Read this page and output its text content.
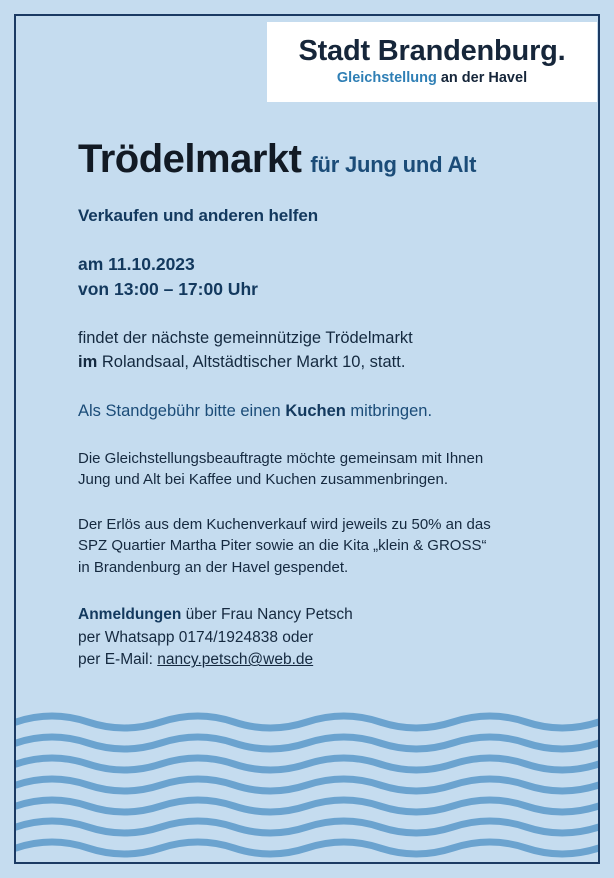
Stadt Brandenburg.
Gleichstellung an der Havel
Trödelmarkt für Jung und Alt

Verkaufen und anderen helfen

am 11.10.2023
von 13:00 – 17:00 Uhr

findet der nächste gemeinnützige Trödelmarkt
im Rolandsaal, Altstädtischer Markt 10, statt.

Als Standgebühr bitte einen Kuchen mitbringen.

Die Gleichstellungsbeauftragte möchte gemeinsam mit Ihnen
Jung und Alt bei Kaffee und Kuchen zusammenbringen.

Der Erlös aus dem Kuchenverkauf wird jeweils zu 50% an das
SPZ Quartier Martha Piter sowie an die Kita „klein & GROSS“
in Brandenburg an der Havel gespendet.

Anmeldungen über Frau Nancy Petsch
per Whatsapp 0174/1924838 oder
per E-Mail: nancy.petsch@web.de
